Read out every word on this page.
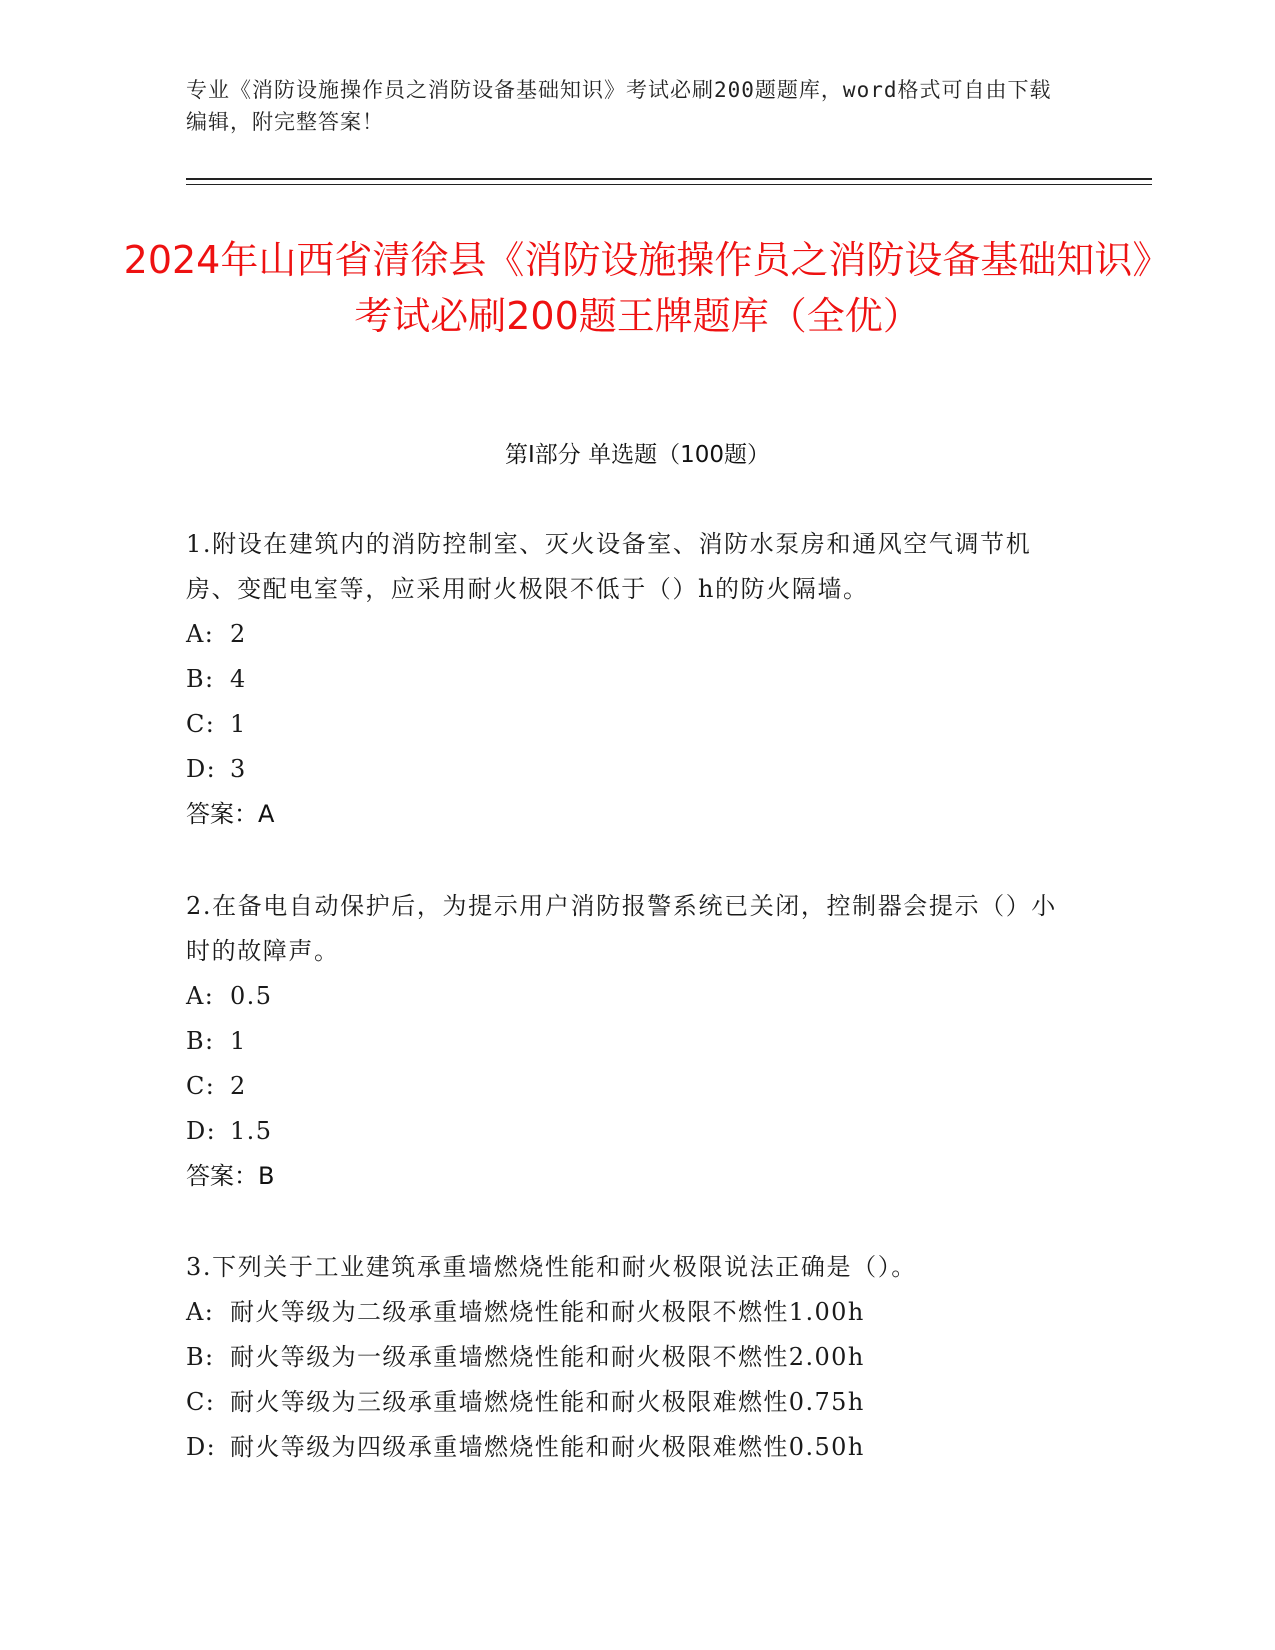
专业《消防设施操作员之消防设备基础知识》考试必刷200题题库，word格式可自由下载编辑，附完整答案！
2024年山西省清徐县《消防设施操作员之消防设备基础知识》考试必刷200题王牌题库（全优）
第I部分 单选题（100题）
1.附设在建筑内的消防控制室、灭火设备室、消防水泵房和通风空气调节机房、变配电室等，应采用耐火极限不低于（）h的防火隔墙。
A: 2
B: 4
C: 1
D: 3
答案：A
2.在备电自动保护后，为提示用户消防报警系统已关闭，控制器会提示（）小时的故障声。
A: 0.5
B: 1
C: 2
D: 1.5
答案：B
3.下列关于工业建筑承重墙燃烧性能和耐火极限说法正确是（）。
A: 耐火等级为二级承重墙燃烧性能和耐火极限不燃性1.00h
B: 耐火等级为一级承重墙燃烧性能和耐火极限不燃性2.00h
C: 耐火等级为三级承重墙燃烧性能和耐火极限难燃性0.75h
D: 耐火等级为四级承重墙燃烧性能和耐火极限难燃性0.50h
